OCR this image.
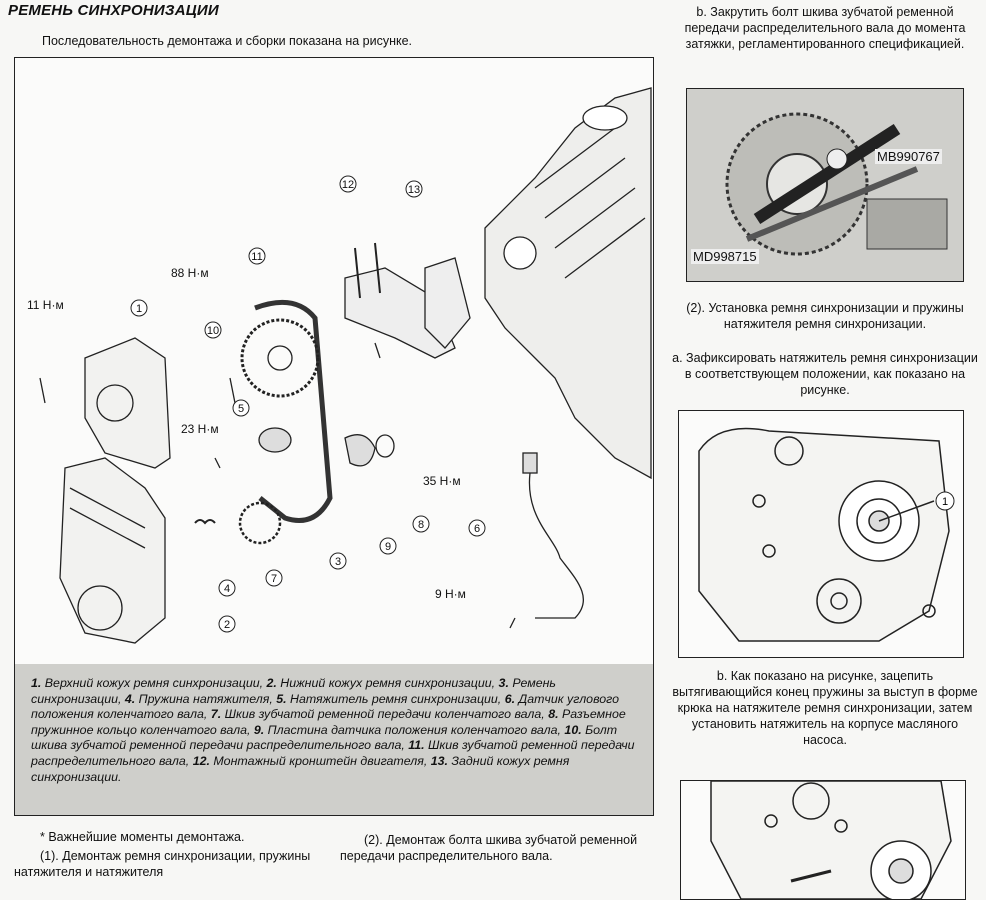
РЕМЕНЬ СИНХРОНИЗАЦИИ
Последовательность демонтажа и сборки показана на рисунке.
1
2
3
4
5
6
7
8
9
10
11
12	13
11 Н·м
88 Н·м
23 Н·м
35 Н·м
9 Н·м
1. Верхний кожух ремня синхронизации, 2. Нижний кожух ремня синхронизации, 3. Ремень синхронизации, 4. Пружина натяжителя, 5. Натяжитель ремня синхронизации, 6. Датчик углового положения коленчатого вала, 7. Шкив зубчатой ременной передачи коленчатого вала, 8. Разъемное пружинное кольцо коленчатого вала, 9. Пластина датчика положения коленчатого вала, 10. Болт шкива зубчатой ременной передачи распределительного вала, 11. Шкив зубчатой ременной передачи распределительного вала, 12. Монтажный кронштейн двигателя, 13. Задний кожух ремня синхронизации.
* Важнейшие моменты демонтажа.
(1). Демонтаж ремня синхронизации, пружины натяжителя и натяжителя
(2). Демонтаж болта шкива зубчатой ременной передачи распределительного вала.
b. Закрутить болт шкива зубчатой ременной передачи распределительного вала до момента затяжки, регламентированного спецификацией.
MB990767
MD998715
(2). Установка ремня синхронизации и пружины натяжителя ремня синхронизации.
a. Зафиксировать натяжитель ремня синхронизации в соответствующем положении, как показано на рисунке.
1
b. Как показано на рисунке, зацепить вытягивающийся конец пружины за выступ в форме крюка на натяжителе ремня синхронизации, затем установить натяжитель на корпусе масляного насоса.
